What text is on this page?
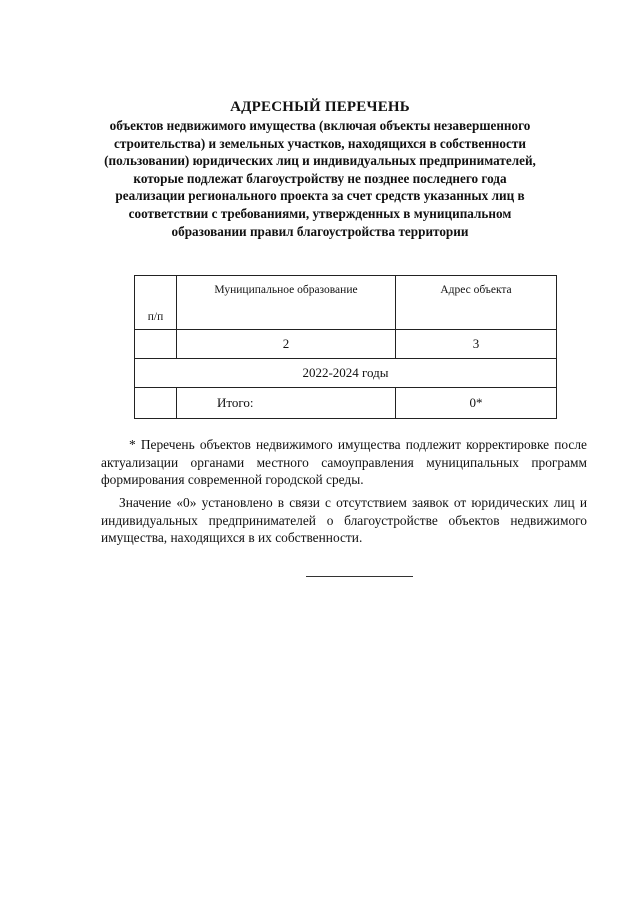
АДРЕСНЫЙ ПЕРЕЧЕНЬ
объектов недвижимого имущества (включая объекты незавершенного
строительства) и земельных участков, находящихся в собственности
(пользовании) юридических лиц и индивидуальных предпринимателей,
которые подлежат благоустройству не позднее последнего года
реализации регионального проекта за счет средств указанных лиц в
соответствии с требованиями, утвержденных в муниципальном
образовании правил благоустройства территории
п/п	Муниципальное образование	Адрес объекта
	2	3
2022-2024 годы		
	Итого:	0*

* Перечень объектов недвижимого имущества подлежит корректировке после актуализации органами местного самоуправления муниципальных программ формирования современной городской среды.

Значение «0» установлено в связи с отсутствием заявок от юридических лиц и индивидуальных предпринимателей о благоустройстве объектов недвижимого имущества, находящихся в их собственности.
